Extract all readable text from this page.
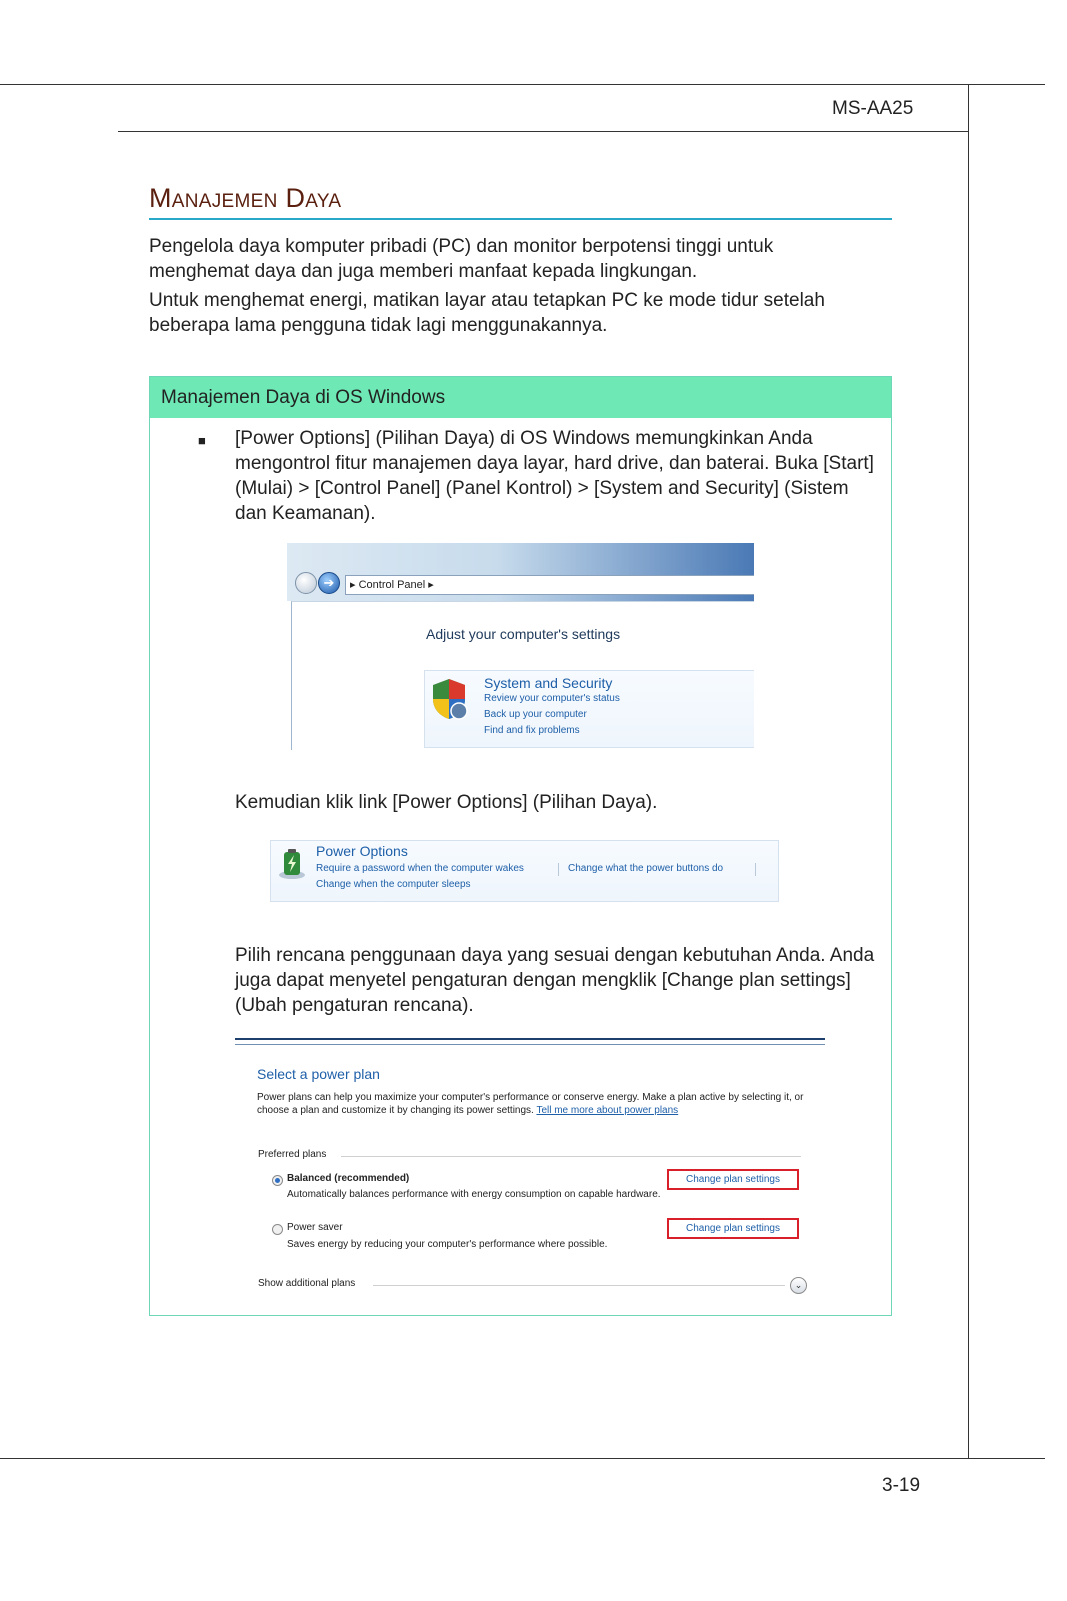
MS-AA25
Manajemen Daya

Pengelola daya komputer pribadi (PC) dan monitor berpotensi tinggi untuk menghemat daya dan juga memberi manfaat kepada lingkungan.

Untuk menghemat energi, matikan layar atau tetapkan PC ke mode tidur setelah beberapa lama pengguna tidak lagi menggunakannya.

Manajemen Daya di OS Windows
■ [Power Options] (Pilihan Daya) di OS Windows memungkinkan Anda mengontrol fitur manajemen daya layar, hard drive, dan baterai. Buka [Start] (Mulai) > [Control Panel] (Panel Kontrol) > [System and Security] (Sistem dan Keamanan).

➔	▸ Control Panel ▸
Adjust your computer's settings
System and Security
Review your computer's status
Back up your computer
Find and fix problems

Kemudian klik link [Power Options] (Pilihan Daya).

Power Options
Require a password when the computer wakes	Change what the power buttons do
Change when the computer sleeps

Pilih rencana penggunaan daya yang sesuai dengan kebutuhan Anda. Anda juga dapat menyetel pengaturan dengan mengklik [Change plan settings] (Ubah pengaturan rencana).

Select a power plan
Power plans can help you maximize your computer's performance or conserve energy. Make a plan active by selecting it, or choose a plan and customize it by changing its power settings. Tell me more about power plans
Preferred plans
Balanced (recommended)
Automatically balances performance with energy consumption on capable hardware.
Change plan settings
Power saver
Saves energy by reducing your computer's performance where possible.
Change plan settings
Show additional plans	⌄
3-19
